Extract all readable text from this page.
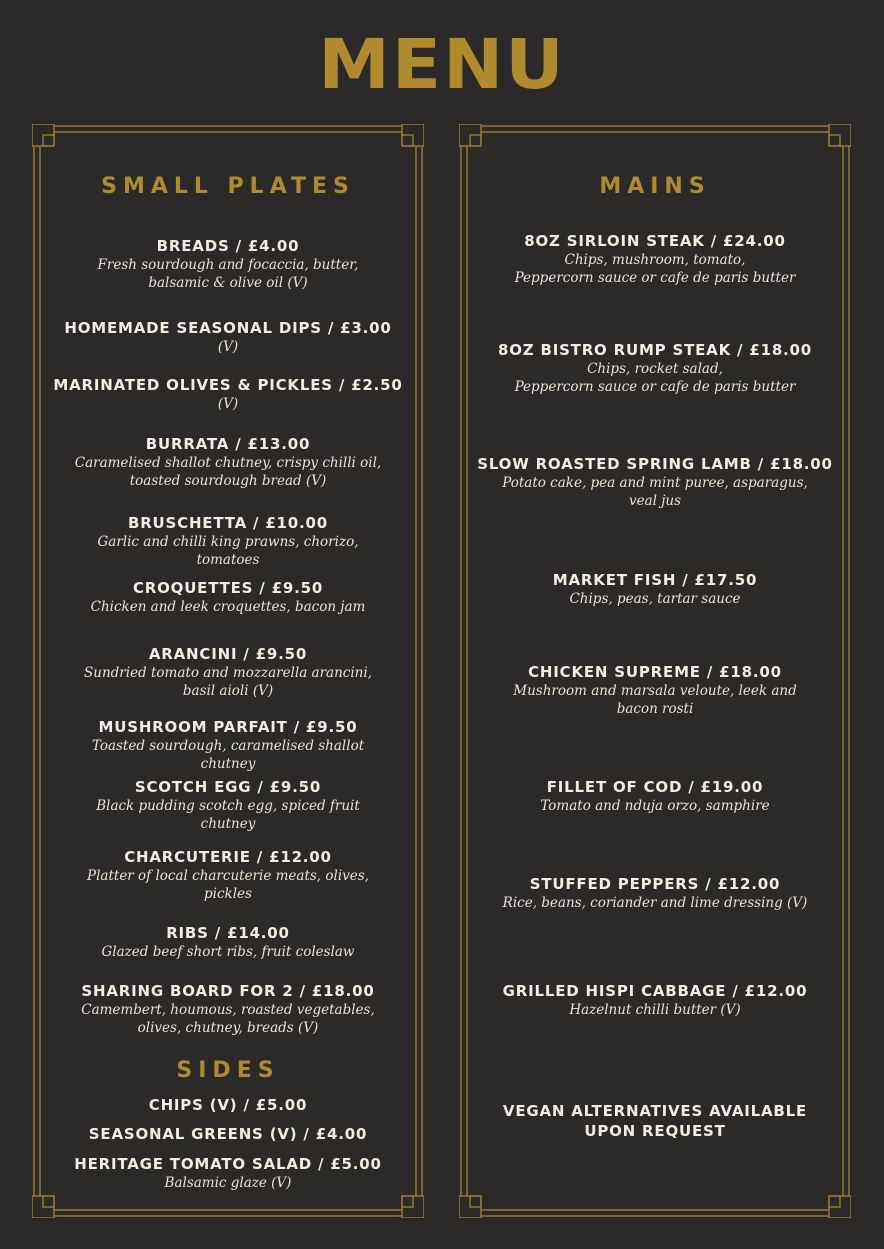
MENU
SMALL PLATES
BREADS / £4.00
Fresh sourdough and focaccia, butter,
balsamic & olive oil (V)
HOMEMADE SEASONAL DIPS / £3.00
(V)
MARINATED OLIVES & PICKLES / £2.50
(V)
BURRATA / £13.00
Caramelised shallot chutney, crispy chilli oil,
toasted sourdough bread (V)
BRUSCHETTA / £10.00
Garlic and chilli king prawns, chorizo,
tomatoes
CROQUETTES / £9.50
Chicken and leek croquettes, bacon jam
ARANCINI / £9.50
Sundried tomato and mozzarella arancini,
basil aioli (V)
MUSHROOM PARFAIT / £9.50
Toasted sourdough, caramelised shallot
chutney
SCOTCH EGG / £9.50
Black pudding scotch egg, spiced fruit
chutney
CHARCUTERIE / £12.00
Platter of local charcuterie meats, olives,
pickles
RIBS / £14.00
Glazed beef short ribs, fruit coleslaw
SHARING BOARD FOR 2 / £18.00
Camembert, houmous, roasted vegetables,
olives, chutney, breads (V)
SIDES
CHIPS (V) / £5.00
SEASONAL GREENS (V) / £4.00
HERITAGE TOMATO SALAD / £5.00
Balsamic glaze (V)
MAINS
8OZ SIRLOIN STEAK / £24.00
Chips, mushroom, tomato,
Peppercorn sauce or cafe de paris butter
8OZ BISTRO RUMP STEAK / £18.00
Chips, rocket salad,
Peppercorn sauce or cafe de paris butter
SLOW ROASTED SPRING LAMB / £18.00
Potato cake, pea and mint puree, asparagus,
veal jus
MARKET FISH / £17.50
Chips, peas, tartar sauce
CHICKEN SUPREME / £18.00
Mushroom and marsala veloute, leek and
bacon rosti
FILLET OF COD / £19.00
Tomato and nduja orzo, samphire
STUFFED PEPPERS / £12.00
Rice, beans, coriander and lime dressing (V)
GRILLED HISPI CABBAGE / £12.00
Hazelnut chilli butter (V)
VEGAN ALTERNATIVES AVAILABLE
UPON REQUEST
